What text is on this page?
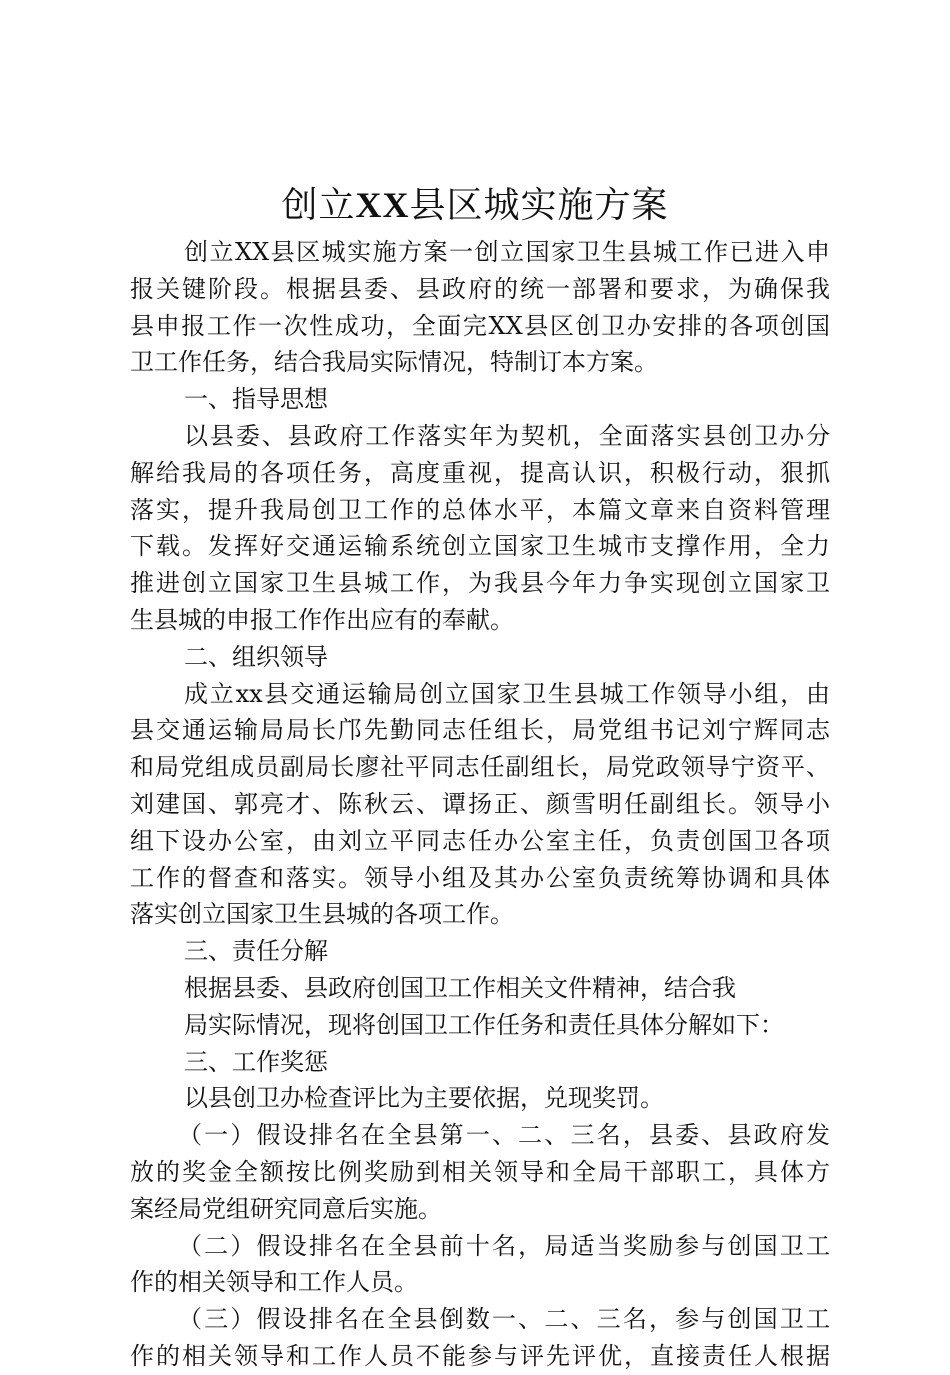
创立XX县区城实施方案
创立XX县区城实施方案一创立国家卫生县城工作已进入申
报关键阶段。根据县委、县政府的统一部署和要求，为确保我
县申报工作一次性成功，全面完XX县区创卫办安排的各项创国
卫工作任务，结合我局实际情况，特制订本方案。
一、指导思想
以县委、县政府工作落实年为契机，全面落实县创卫办分
解给我局的各项任务，高度重视，提高认识，积极行动，狠抓
落实，提升我局创卫工作的总体水平，本篇文章来自资料管理
下载。发挥好交通运输系统创立国家卫生城市支撑作用，全力
推进创立国家卫生县城工作，为我县今年力争实现创立国家卫
生县城的申报工作作出应有的奉献。
二、组织领导
成立xx县交通运输局创立国家卫生县城工作领导小组，由
县交通运输局局长邝先勤同志任组长，局党组书记刘宁辉同志
和局党组成员副局长廖社平同志任副组长，局党政领导宁资平、
刘建国、郭亮才、陈秋云、谭扬正、颜雪明任副组长。领导小
组下设办公室，由刘立平同志任办公室主任，负责创国卫各项
工作的督查和落实。领导小组及其办公室负责统筹协调和具体
落实创立国家卫生县城的各项工作。
三、责任分解
根据县委、县政府创国卫工作相关文件精神，结合我
局实际情况，现将创国卫工作任务和责任具体分解如下：
三、工作奖惩
以县创卫办检查评比为主要依据，兑现奖罚。
（一）假设排名在全县第一、二、三名，县委、县政府发
放的奖金全额按比例奖励到相关领导和全局干部职工，具体方
案经局党组研究同意后实施。
（二）假设排名在全县前十名，局适当奖励参与创国卫工
作的相关领导和工作人员。
（三）假设排名在全县倒数一、二、三名，参与创国卫工
作的相关领导和工作人员不能参与评先评优，直接责任人根据
